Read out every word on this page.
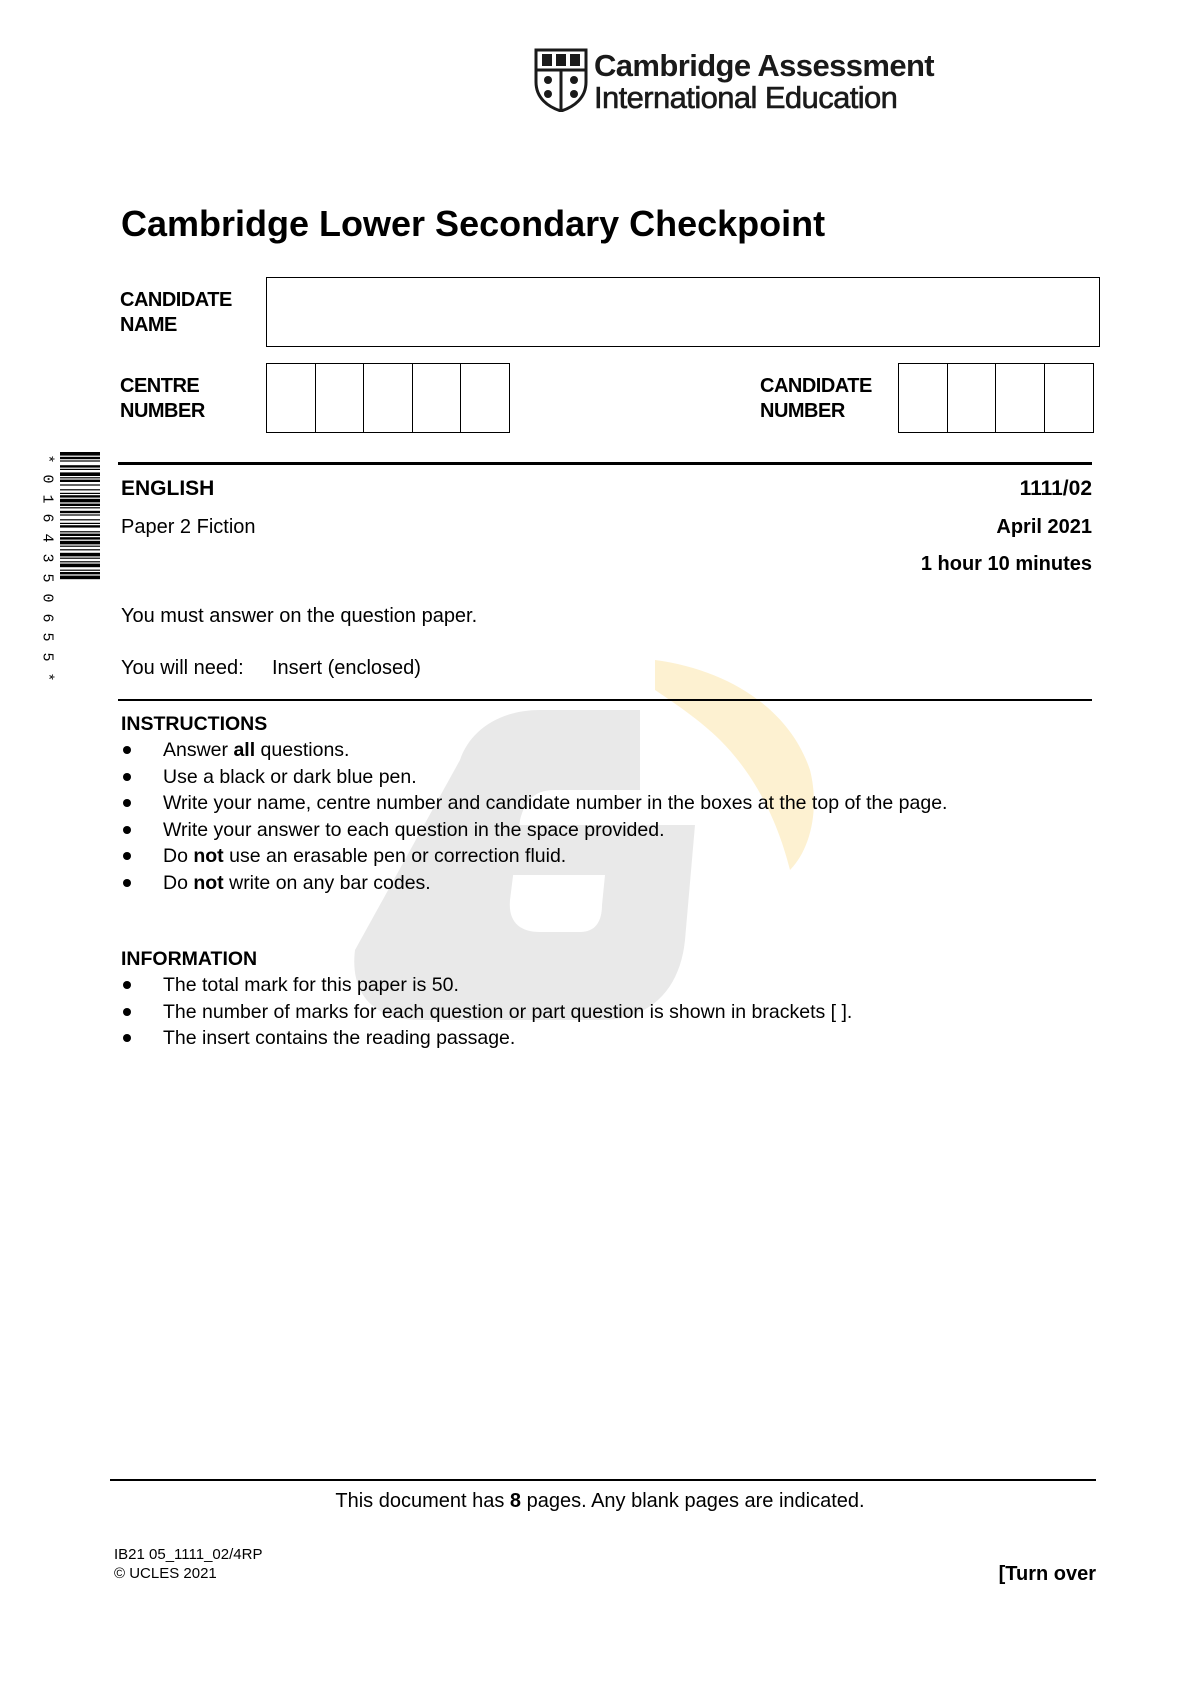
Cambridge Assessment
International Education
Cambridge Lower Secondary Checkpoint
CANDIDATE
NAME
CENTRE
NUMBER
CANDIDATE
NUMBER
*
0
1
6
4
3
5
0
6
5
5
*
ENGLISH	1111/02
Paper 2 Fiction	April 2021
1 hour 10 minutes
You must answer on the question paper.
You will need: Insert (enclosed)
INSTRUCTIONS
Answer all questions.
Use a black or dark blue pen.
Write your name, centre number and candidate number in the boxes at the top of the page.
Write your answer to each question in the space provided.
Do not use an erasable pen or correction fluid.
Do not write on any bar codes.
INFORMATION
The total mark for this paper is 50.
The number of marks for each question or part question is shown in brackets [ ].
The insert contains the reading passage.
This document has 8 pages. Any blank pages are indicated.
IB21 05_1111_02/4RP
© UCLES 2021	[Turn over
